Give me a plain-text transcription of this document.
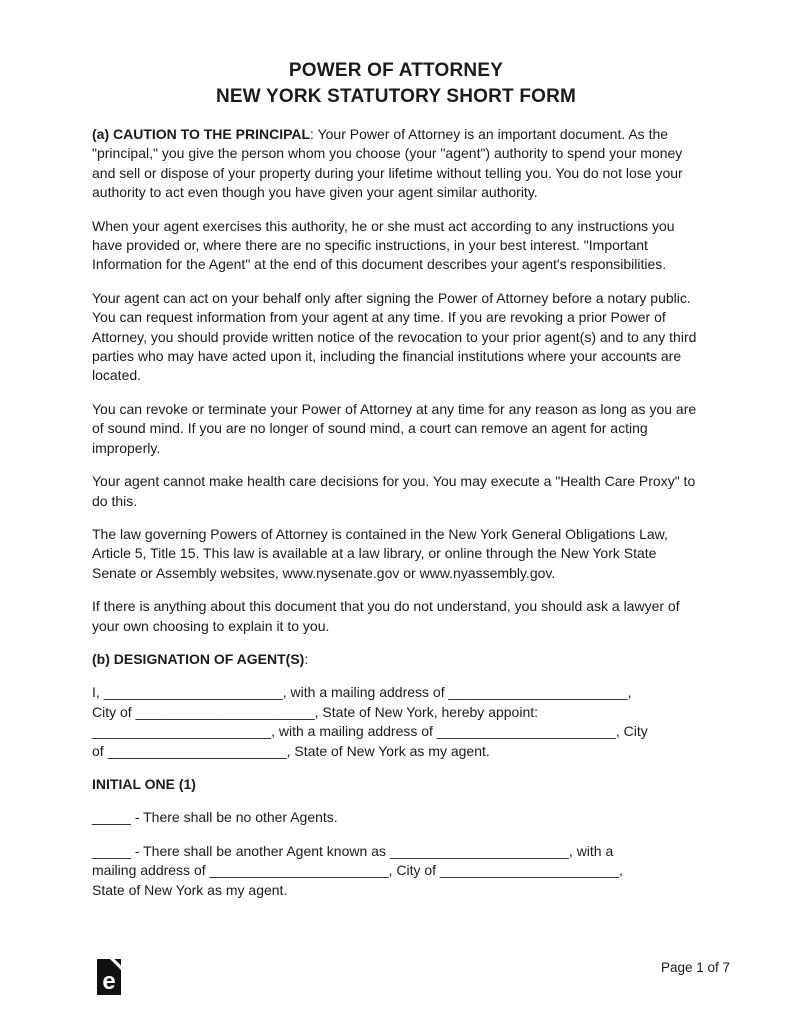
POWER OF ATTORNEY
NEW YORK STATUTORY SHORT FORM

(a) CAUTION TO THE PRINCIPAL: Your Power of Attorney is an important document. As the "principal," you give the person whom you choose (your "agent") authority to spend your money and sell or dispose of your property during your lifetime without telling you. You do not lose your authority to act even though you have given your agent similar authority.

When your agent exercises this authority, he or she must act according to any instructions you have provided or, where there are no specific instructions, in your best interest. "Important Information for the Agent" at the end of this document describes your agent's responsibilities.

Your agent can act on your behalf only after signing the Power of Attorney before a notary public. You can request information from your agent at any time. If you are revoking a prior Power of Attorney, you should provide written notice of the revocation to your prior agent(s) and to any third parties who may have acted upon it, including the financial institutions where your accounts are located.

You can revoke or terminate your Power of Attorney at any time for any reason as long as you are of sound mind. If you are no longer of sound mind, a court can remove an agent for acting improperly.

Your agent cannot make health care decisions for you. You may execute a "Health Care Proxy" to do this.

The law governing Powers of Attorney is contained in the New York General Obligations Law, Article 5, Title 15. This law is available at a law library, or online through the New York State Senate or Assembly websites, www.nysenate.gov or www.nyassembly.gov.

If there is anything about this document that you do not understand, you should ask a lawyer of your own choosing to explain it to you.

(b) DESIGNATION OF AGENT(S):

I, _______________________, with a mailing address of _______________________,
City of _______________________, State of New York, hereby appoint:
_______________________, with a mailing address of _______________________, City
of _______________________, State of New York as my agent.

INITIAL ONE (1)

_____ - There shall be no other Agents.

_____ - There shall be another Agent known as _______________________, with a
mailing address of _______________________, City of _______________________,
State of New York as my agent.
e
Page 1 of 7
